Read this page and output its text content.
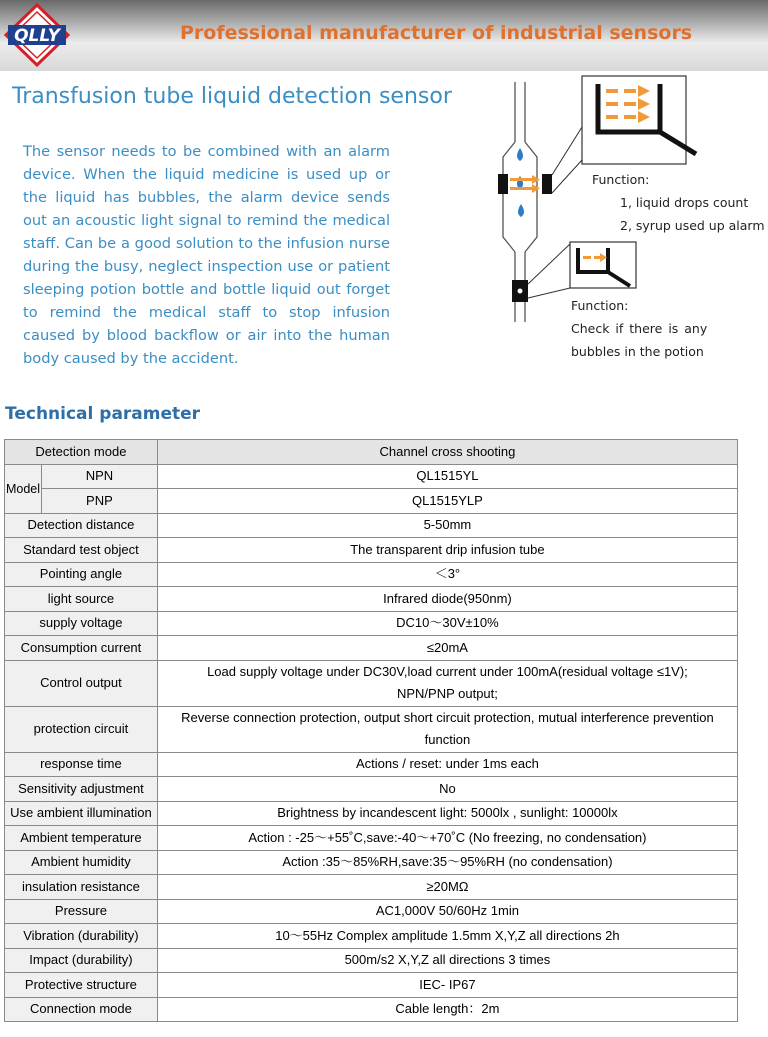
QLLY	Professional manufacturer of industrial sensors
Transfusion tube liquid detection sensor

The sensor needs to be combined with an alarm device. When the liquid medicine is used up or the liquid has bubbles, the alarm device sends out an acoustic light signal to remind the medical staff. Can be a good solution to the infusion nurse during the busy, neglect inspection use or patient sleeping potion bottle and bottle liquid out forget to remind the medical staff to stop infusion caused by blood backflow or air into the human body caused by the accident.

Function:
1, liquid drops count
2, syrup used up alarm
Function:
Check if there is any
bubbles in the potion
Technical parameter
Detection mode		Channel cross shooting
Model	NPN	QL1515YL
	PNP	QL1515YLP
Detection distance		5-50mm
Standard test object		The transparent drip infusion tube
Pointing angle		＜3°
light source		Infrared diode(950nm)
supply voltage		DC10～30V±10%
Consumption current		≤20mA
Control output		Load supply voltage under DC30V,load current under 100mA(residual voltage ≤1V);
NPN/PNP output;

protection circuit		Reverse connection protection, output short circuit protection, mutual interference prevention
function

response time		Actions / reset: under 1ms each
Sensitivity adjustment		No
Use ambient illumination		Brightness by incandescent light: 5000lx , sunlight: 10000lx
Ambient temperature		Action : -25～+55˚C,save:-40～+70˚C (No freezing, no condensation)
Ambient humidity		Action :35～85%RH,save:35～95%RH (no condensation)
insulation resistance		≥20MΩ
Pressure		AC1,000V 50/60Hz 1min
Vibration (durability)		10～55Hz Complex amplitude 1.5mm X,Y,Z all directions 2h
Impact (durability)		500m/s2 X,Y,Z all directions 3 times
Protective structure		IEC- IP67
Connection mode		Cable length：2m
